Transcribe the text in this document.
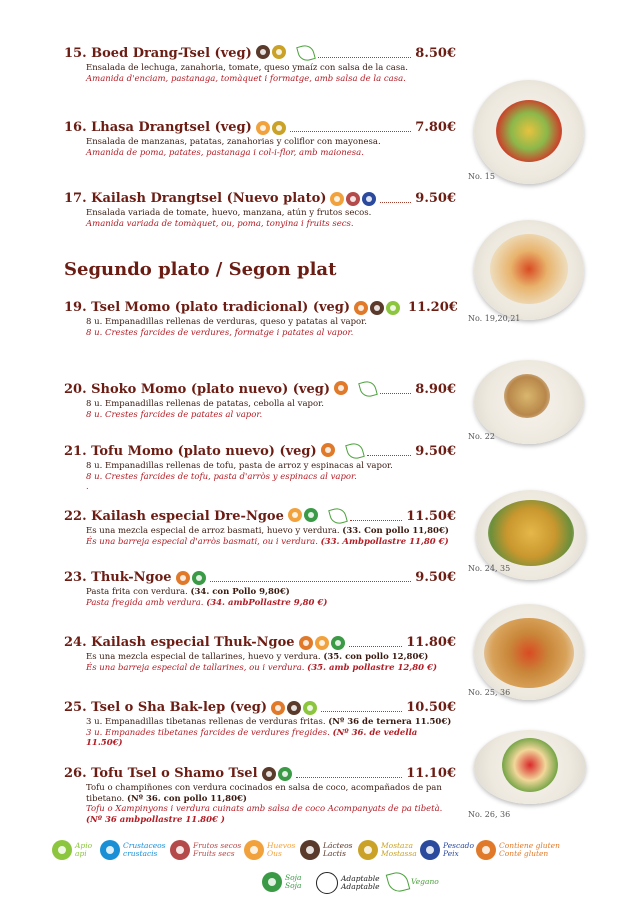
15. Boed Drang-Tsel (veg)	8.50€
Ensalada de lechuga, zanahoria, tomate, queso ymaíz con salsa de la casa.
Amanida d'enciam, pastanaga, tomàquet i formatge, amb salsa de la casa.
16. Lhasa Drangtsel (veg)	7.80€
Ensalada de manzanas, patatas, zanahorias y coliflor con mayonesa.
Amanida de poma, patates, pastanaga i col-i-flor, amb maionesa.
17. Kailash Drangtsel (Nuevo plato)	9.50€
Ensalada variada de tomate, huevo, manzana, atún y frutos secos.
Amanida variada de tomàquet, ou, poma, tonyina i fruits secs.
Segundo plato / Segon plat
19. Tsel Momo (plato tradicional) (veg)	11.20€
8 u. Empanadillas rellenas de verduras, queso y patatas al vapor.
8 u. Crestes farcides de verdures, formatge i patates al vapor.
20. Shoko Momo (plato nuevo) (veg)	8.90€
8 u. Empanadillas rellenas de patatas, cebolla al vapor.
8 u. Crestes farcides de patates al vapor.
21. Tofu Momo (plato nuevo) (veg)	9.50€
8 u. Empanadillas rellenas de tofu, pasta de arroz y espinacas al vapor.
8 u. Crestes farcides de tofu, pasta d'arròs y espinacs al vapor.
.
22. Kailash especial Dre-Ngoe	11.50€
Es una mezcla especial de arroz basmati, huevo y verdura. (33. Con pollo 11,80€)
És una barreja especial d'arròs basmati, ou i verdura. (33. Ambpollastre 11,80 €)
23. Thuk-Ngoe	9.50€
Pasta frita con verdura. (34. con Pollo 9,80€)
Pasta fregida amb verdura. (34. ambPollastre 9,80 €)
24. Kailash especial Thuk-Ngoe	11.80€
Es una mezcla especial de tallarines, huevo y verdura. (35. con pollo 12,80€)
És una barreja especial de tallarines, ou i verdura. (35. amb pollastre 12,80 €)
25. Tsel o Sha Bak-lep (veg)	10.50€
3 u. Empanadillas tibetanas rellenas de verduras fritas. (Nº 36 de ternera 11.50€)
3 u. Empanades tibetanes farcides de verdures fregides. (Nº 36. de vedella 11.50€)
26. Tofu Tsel o Shamo Tsel	11.10€
Tofu o champiñones con verdura cocinados en salsa de coco, acompañados de pan tibetano. (Nº 36. con pollo 11,80€)
Tofu o Xampinyons i verdura cuinats amb salsa de coco Acompanyats de pa tibetà. (Nº 36 ambpollastre 11.80€ )
No. 15
No. 19,20,21
No. 22
No. 24, 35
No. 25, 36
No. 26, 36
Apio
api
Crustaceos
crustacis
Frutos secos
Fruits secs
Huevos
Ous
Lácteos
Lactis
Mostaza
Mostassa
Pescado
Peix
Contiene gluten
Conté gluten
Soja
Soja
Adaptable
Adaptable
Vegano
